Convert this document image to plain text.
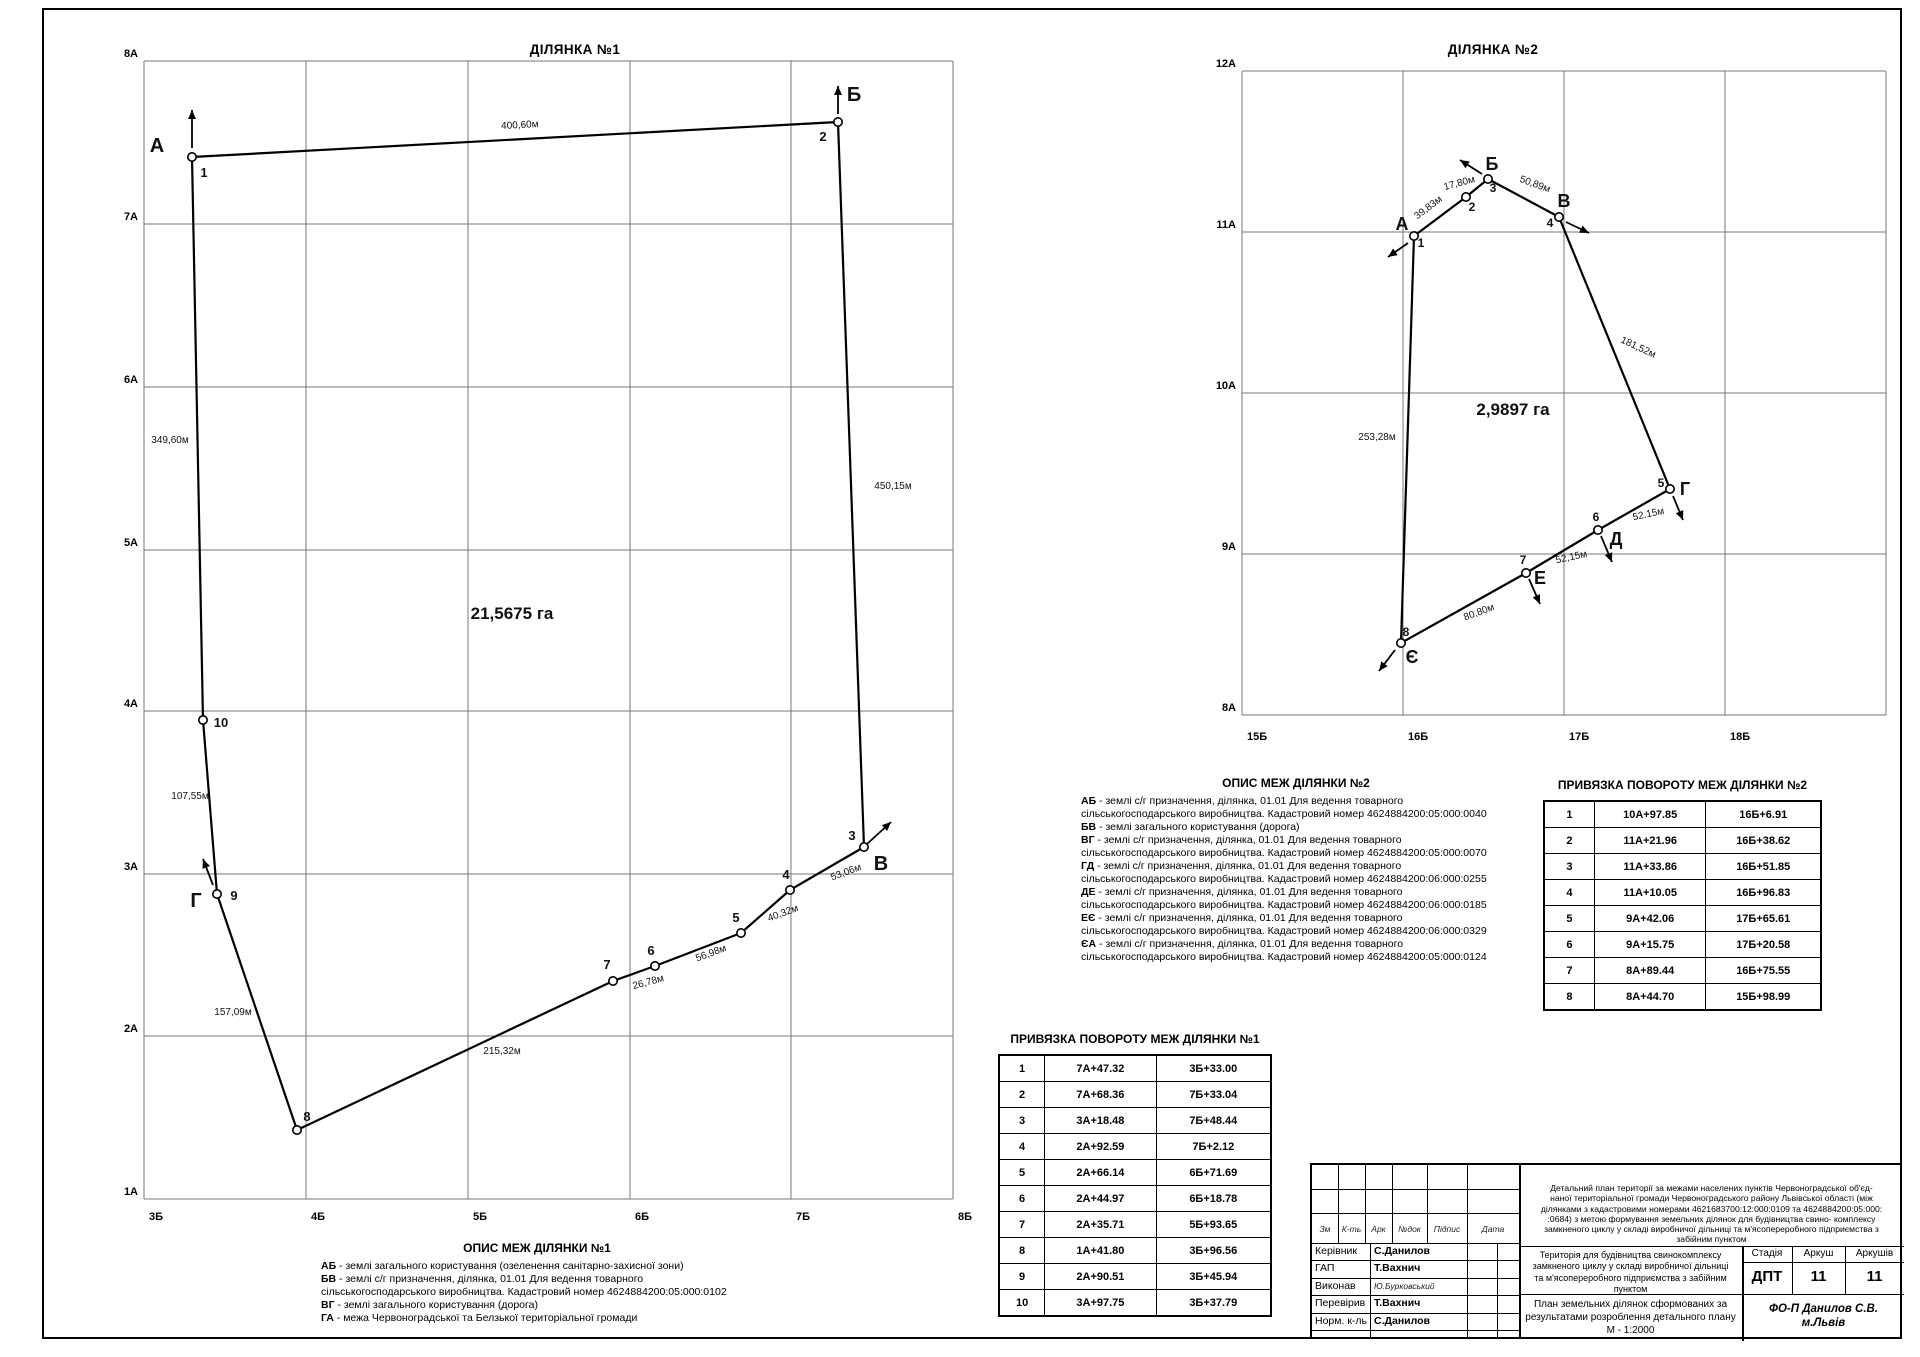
8А
7А
6А
5А
4А
3А
2А
1А
3Б	4Б	5Б	6Б	7Б	8Б
А
1
Б
2
В
3
4
5
6
7
8
9
Г
10
400,60м
349,60м
450,15м
107,55м
157,09м
215,32м
26,78м
56,98м
40,32м
53,06м
21,5675 га
ДІЛЯНКА №1
12А
11А
10А
9А
8А
15Б	16Б	17Б	18Б
А
1
2
Б
3
В
4
Г
5
Д
6
Е
7
Є
8
39,83м
17,80м	50,89м
181,52м
253,28м
52.15м
52,15м
80,80м
2,9897 га
ДІЛЯНКА №2
ОПИС МЕЖ ДІЛЯНКИ №1
АБ - землі загального користування (озеленення санітарно-захисної зони)
БВ - землі с/г призначення, ділянка, 01.01 Для ведення товарного
сільськогосподарського виробництва. Кадастровий номер 4624884200:05:000:0102
ВГ - землі загального користування (дорога)
ГА - межа Червоноградської та Белзької територіальної громади
ОПИС МЕЖ ДІЛЯНКИ №2
АБ - землі с/г призначення, ділянка, 01.01 Для ведення товарного
сільськогосподарського виробництва. Кадастровий номер 4624884200:05:000:0040
БВ - землі загального користування (дорога)
ВГ - землі с/г призначення, ділянка, 01.01 Для ведення товарного
сільськогосподарського виробництва. Кадастровий номер 4624884200:05:000:0070
ГД - землі с/г призначення, ділянка, 01.01 Для ведення товарного
сільськогосподарського виробництва. Кадастровий номер 4624884200:06:000:0255
ДЕ - землі с/г призначення, ділянка, 01.01 Для ведення товарного
сільськогосподарського виробництва. Кадастровий номер 4624884200:06:000:0185
ЕЄ - землі с/г призначення, ділянка, 01.01 Для ведення товарного
сільськогосподарського виробництва. Кадастровий номер 4624884200:06:000:0329
ЄА - землі с/г призначення, ділянка, 01.01 Для ведення товарного
сільськогосподарського виробництва. Кадастровий номер 4624884200:05:000:0124
ПРИВЯЗКА ПОВОРОТУ МЕЖ ДІЛЯНКИ №1
1	7А+47.32	3Б+33.00
2	7А+68.36	7Б+33.04
3	3А+18.48	7Б+48.44
4	2А+92.59	7Б+2.12
5	2А+66.14	6Б+71.69
6	2А+44.97	6Б+18.78
7	2А+35.71	5Б+93.65
8	1А+41.80	3Б+96.56
9	2А+90.51	3Б+45.94
10	3А+97.75	3Б+37.79
ПРИВЯЗКА ПОВОРОТУ МЕЖ ДІЛЯНКИ №2
1	10А+97.85	16Б+6.91
2	11А+21.96	16Б+38.62
3	11А+33.86	16Б+51.85
4	11А+10.05	16Б+96.83
5	9А+42.06	17Б+65.61
6	9А+15.75	17Б+20.58
7	8А+89.44	16Б+75.55
8	8А+44.70	15Б+98.99
Зм	К-ть	Арк	№док	Підпис	Дата
Керівник	С.Данилов
ГАП	Т.Вахнич
Виконав	Ю.Бурковський
Перевірив Т.Вахнич
Норм. к-ль С.Данилов
Детальний план території за межами населених пунктів Червоноградської об'єд-
наної територіальної громади Червоноградського району Львівської області (між
ділянками з кадастровими номерами 4621683700:12:000:0109 та 4624884200:05:000:
:0684) з метою формування земельних ділянок для будівництва свино- комплексу
замкненого циклу у складі виробничої дільниці та м'ясопереробного підприємства з
забійним пунктом
Територія для будівництва свинокомплексу
замкненого циклу у складі виробничої дільниці
та м'ясопереробного підприємства з забійним
пунктом
Стадія	Аркуш	Аркушів
ДПТ	11	11
План земельних ділянок сформованих за
результатами розроблення детального плану
М - 1:2000
ФО-П Данилов С.В.
м.Львів
